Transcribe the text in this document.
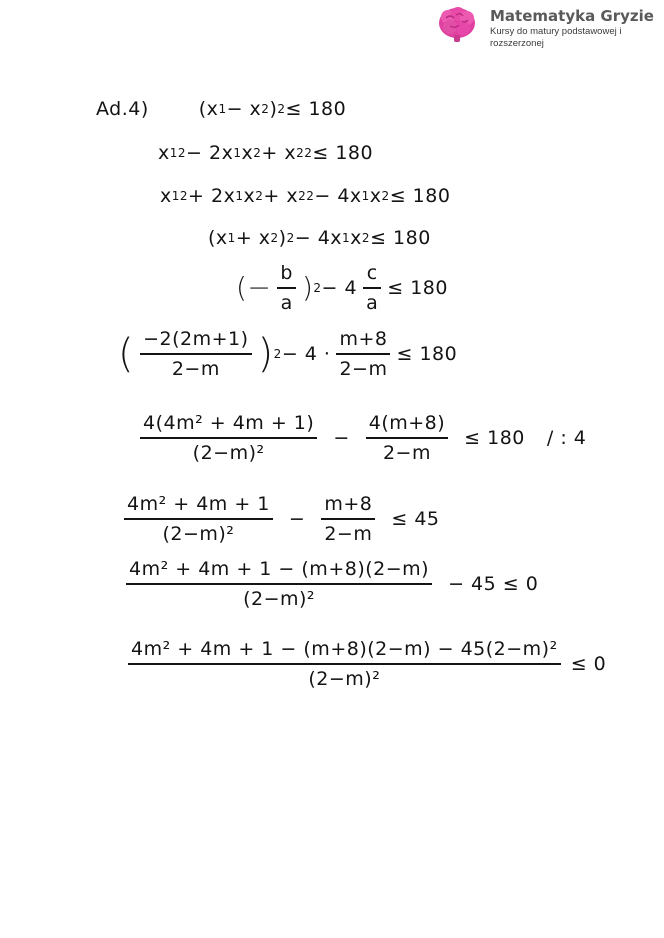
Matematyka Gryzie
Kursy do matury podstawowej i rozszerzonej
Ad.4)	(x 1 − x 2 ) 2 ≤ 180
x 1 2 − 2x 1 x 2 + x 2 2 ≤ 180
x 1 2 + 2x 1 x 2 + x 2 2 − 4x 1 x 2 ≤ 180
(x 1 + x 2 ) 2 − 4x 1 x 2 ≤ 180
(− $\frac{b}{a}$ ) $2 - 4 \frac{c}{a} \le 180$
( $\frac{-2(2m+1)}{2-m}$ ) $2 - 4 \cdot \frac{m+8}{2-m} \le 180$
$\frac{\text{4(4m² + 4m + 1)}}{\text{(2−m)²}} - \frac{4(m+8)}{2-m} \le 180$ / : 4
$\frac{\text{4m² + 4m + 1}}{\text{(2−m)²}} - \frac{m+8}{2-m} \le 45$
$\frac{\text{4m² + 4m + 1 − (m+8)(2−m)}}{\text{(2−m)²}} - 45 \le 0$
$\frac{\text{4m² + 4m + 1 − (m+8)(2−m) − 45(2−m)²}}{\text{(2−m)²}} \le 0$
